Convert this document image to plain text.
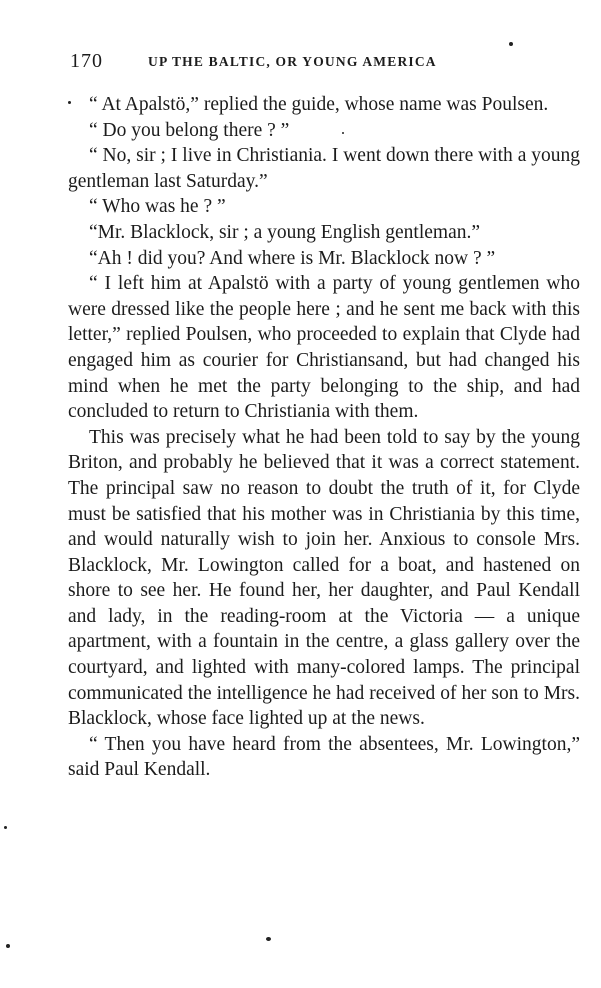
170	UP THE BALTIC, OR YOUNG AMERICA

“ At Apalstö,” replied the guide, whose name was Poulsen.

“ Do you belong there ? ”

“ No, sir ; I live in Christiania. I went down there with a young gentleman last Saturday.”

“ Who was he ? ”

“Mr. Blacklock, sir ; a young English gentleman.”

“Ah ! did you? And where is Mr. Blacklock now ? ”

“ I left him at Apalstö with a party of young gentlemen who were dressed like the people here ; and he sent me back with this letter,” replied Poulsen, who proceeded to explain that Clyde had engaged him as courier for Christiansand, but had changed his mind when he met the party belonging to the ship, and had concluded to return to Christiania with them.

This was precisely what he had been told to say by the young Briton, and probably he believed that it was a correct statement. The principal saw no reason to doubt the truth of it, for Clyde must be satisfied that his mother was in Christiania by this time, and would naturally wish to join her. Anxious to console Mrs. Blacklock, Mr. Lowington called for a boat, and hastened on shore to see her. He found her, her daughter, and Paul Kendall and lady, in the reading-room at the Victoria — a unique apartment, with a fountain in the centre, a glass gallery over the courtyard, and lighted with many-colored lamps. The principal communicated the intelligence he had received of her son to Mrs. Blacklock, whose face lighted up at the news.

“ Then you have heard from the absentees, Mr. Lowington,” said Paul Kendall.
